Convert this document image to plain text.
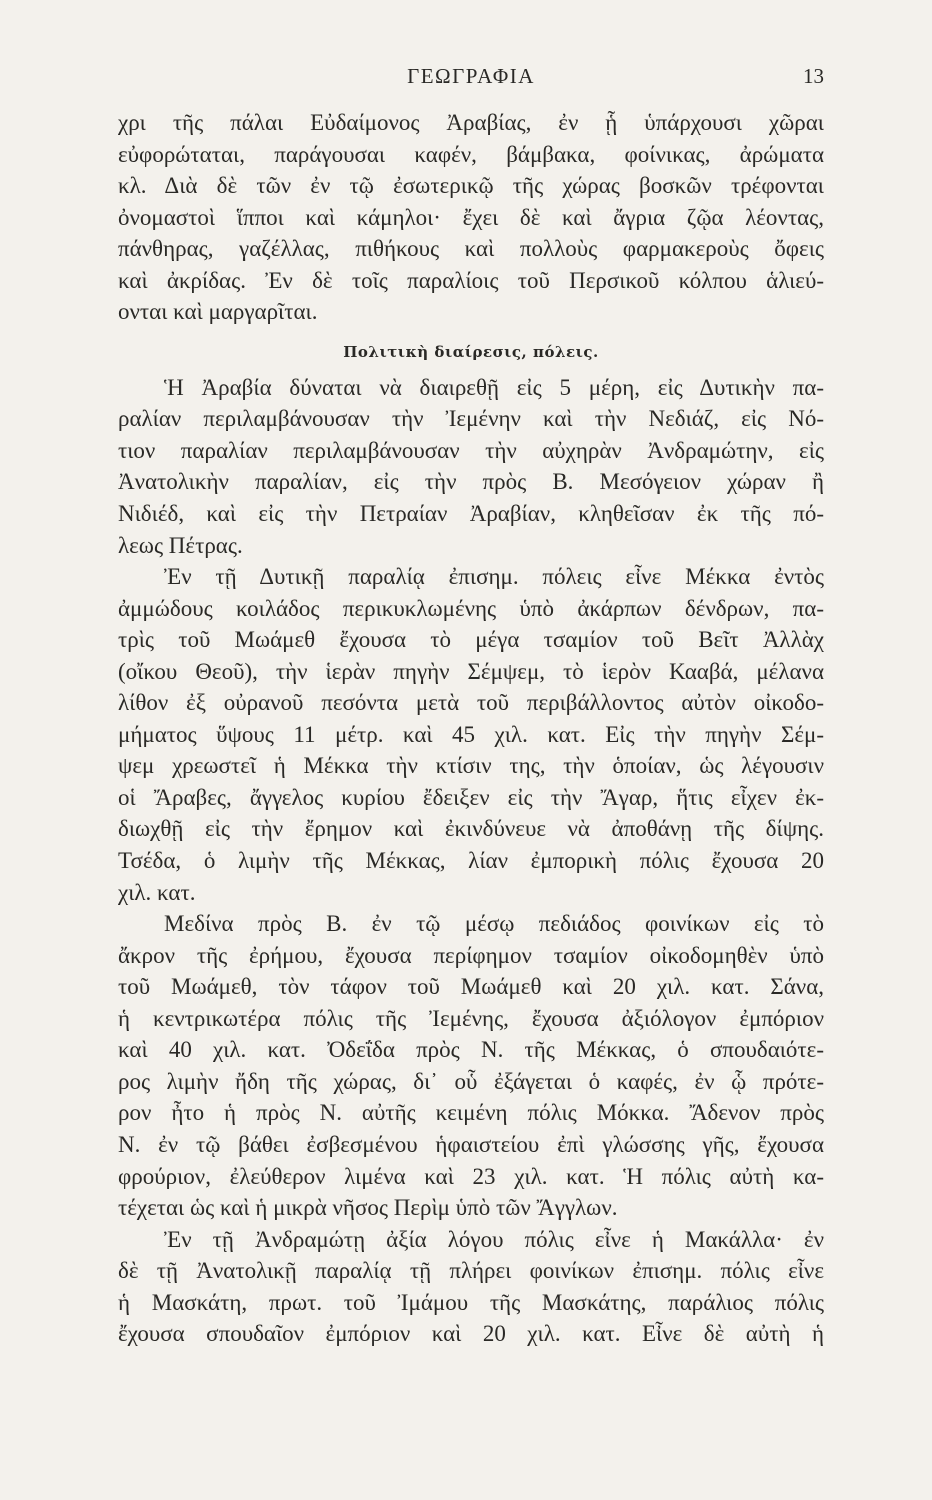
ΓΕΩΓΡΑΦΙΑ	13
χρι τῆς πάλαι Εὐδαίμονος Ἀραβίας, ἐν ᾗ ὑπάρχουσι χῶραι
εὐφορώταται, παράγουσαι καφέν, βάμβακα, φοίνικας, ἀρώματα
κλ. Διὰ δὲ τῶν ἐν τῷ ἐσωτερικῷ τῆς χώρας βοσκῶν τρέφονται
ὀνομαστοὶ ἵπποι καὶ κάμηλοι· ἔχει δὲ καὶ ἄγρια ζῷα λέοντας,
πάνθηρας, γαζέλλας, πιθήκους καὶ πολλοὺς φαρμακεροὺς ὄφεις
καὶ ἀκρίδας. Ἐν δὲ τοῖς παραλίοις τοῦ Περσικοῦ κόλπου ἁλιεύ-
ονται καὶ μαργαρῖται.
Πολιτικὴ διαίρεσις, πόλεις.
Ἡ Ἀραβία δύναται νὰ διαιρεθῇ εἰς 5 μέρη, εἰς Δυτικὴν πα-
ραλίαν περιλαμβάνουσαν τὴν Ἰεμένην καὶ τὴν Νεδιάζ, εἰς Νό-
τιον παραλίαν περιλαμβάνουσαν τὴν αὐχηρὰν Ἀνδραμώτην, εἰς
Ἀνατολικὴν παραλίαν, εἰς τὴν πρὸς Β. Μεσόγειον χώραν ἢ
Νιδιέδ, καὶ εἰς τὴν Πετραίαν Ἀραβίαν, κληθεῖσαν ἐκ τῆς πό-
λεως Πέτρας.
Ἐν τῇ Δυτικῇ παραλίᾳ ἐπισημ. πόλεις εἶνε Μέκκα ἐντὸς
ἀμμώδους κοιλάδος περικυκλωμένης ὑπὸ ἀκάρπων δένδρων, πα-
τρὶς τοῦ Μωάμεθ ἔχουσα τὸ μέγα τσαμίον τοῦ Βεῖτ Ἀλλὰχ
(οἴκου Θεοῦ), τὴν ἱερὰν πηγὴν Σέμψεμ, τὸ ἱερὸν Κααβά, μέλανα
λίθον ἐξ οὐρανοῦ πεσόντα μετὰ τοῦ περιβάλλοντος αὐτὸν οἰκοδο-
μήματος ὕψους 11 μέτρ. καὶ 45 χιλ. κατ. Εἰς τὴν πηγὴν Σέμ-
ψεμ χρεωστεῖ ἡ Μέκκα τὴν κτίσιν της, τὴν ὁποίαν, ὡς λέγουσιν
οἱ Ἄραβες, ἄγγελος κυρίου ἔδειξεν εἰς τὴν Ἄγαρ, ἥτις εἶχεν ἐκ-
διωχθῇ εἰς τὴν ἔρημον καὶ ἐκινδύνευε νὰ ἀποθάνῃ τῆς δίψης.
Τσέδα, ὁ λιμὴν τῆς Μέκκας, λίαν ἐμπορικὴ πόλις ἔχουσα 20
χιλ. κατ.
Μεδίνα πρὸς Β. ἐν τῷ μέσῳ πεδιάδος φοινίκων εἰς τὸ
ἄκρον τῆς ἐρήμου, ἔχουσα περίφημον τσαμίον οἰκοδομηθὲν ὑπὸ
τοῦ Μωάμεθ, τὸν τάφον τοῦ Μωάμεθ καὶ 20 χιλ. κατ. Σάνα,
ἡ κεντρικωτέρα πόλις τῆς Ἰεμένης, ἔχουσα ἀξιόλογον ἐμπόριον
καὶ 40 χιλ. κατ. Ὀδεΐδα πρὸς Ν. τῆς Μέκκας, ὁ σπουδαιότε-
ρος λιμὴν ἤδη τῆς χώρας, δι᾽ οὗ ἐξάγεται ὁ καφές, ἐν ᾧ πρότε-
ρον ἦτο ἡ πρὸς Ν. αὐτῆς κειμένη πόλις Μόκκα. Ἄδενον πρὸς
Ν. ἐν τῷ βάθει ἐσβεσμένου ἡφαιστείου ἐπὶ γλώσσης γῆς, ἔχουσα
φρούριον, ἐλεύθερον λιμένα καὶ 23 χιλ. κατ. Ἡ πόλις αὐτὴ κα-
τέχεται ὡς καὶ ἡ μικρὰ νῆσος Περὶμ ὑπὸ τῶν Ἄγγλων.
Ἐν τῇ Ἀνδραμώτῃ ἀξία λόγου πόλις εἶνε ἡ Μακάλλα· ἐν
δὲ τῇ Ἀνατολικῇ παραλίᾳ τῇ πλήρει φοινίκων ἐπισημ. πόλις εἶνε
ἡ Μασκάτη, πρωτ. τοῦ Ἰμάμου τῆς Μασκάτης, παράλιος πόλις
ἔχουσα σπουδαῖον ἐμπόριον καὶ 20 χιλ. κατ. Εἶνε δὲ αὐτὴ ἡ
